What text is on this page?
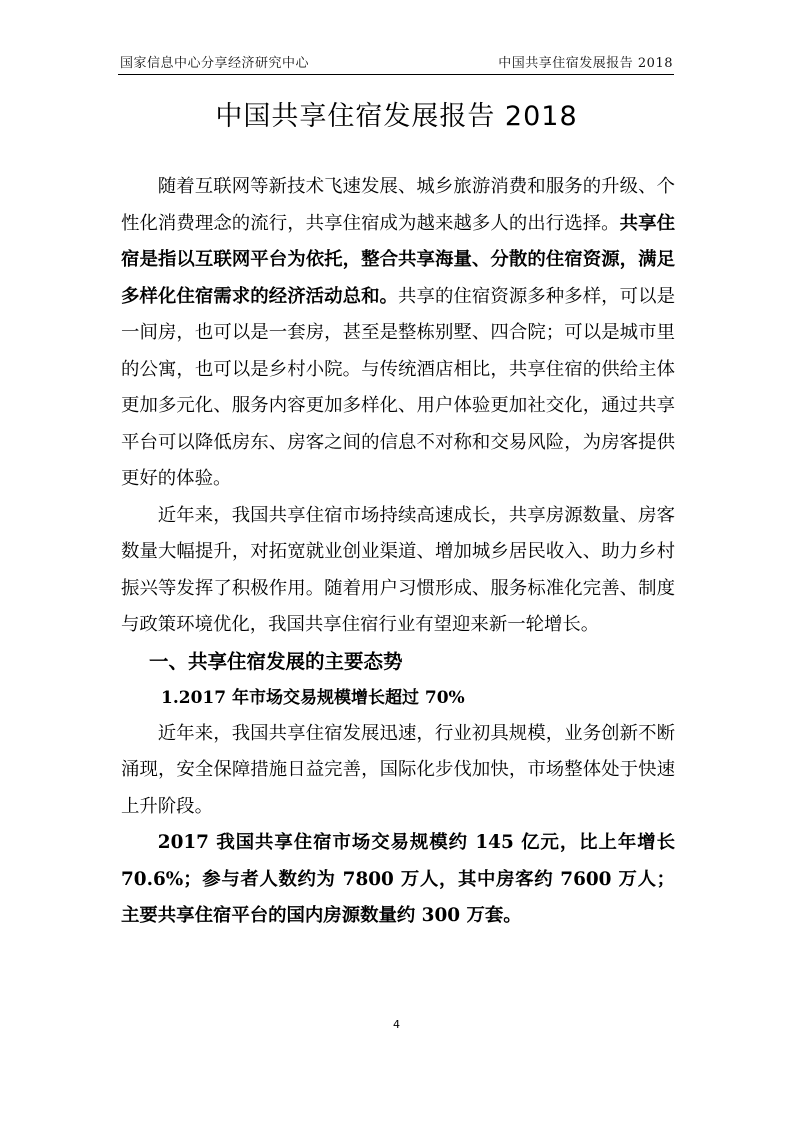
国家信息中心分享经济研究中心	中国共享住宿发展报告 2018
中国共享住宿发展报告 2018

随着互联网等新技术飞速发展、城乡旅游消费和服务的升级、个性化消费理念的流行，共享住宿成为越来越多人的出行选择。共享住宿是指以互联网平台为依托，整合共享海量、分散的住宿资源，满足多样化住宿需求的经济活动总和。共享的住宿资源多种多样，可以是一间房，也可以是一套房，甚至是整栋别墅、四合院；可以是城市里的公寓，也可以是乡村小院。与传统酒店相比，共享住宿的供给主体更加多元化、服务内容更加多样化、用户体验更加社交化，通过共享平台可以降低房东、房客之间的信息不对称和交易风险，为房客提供更好的体验。

近年来，我国共享住宿市场持续高速成长，共享房源数量、房客数量大幅提升，对拓宽就业创业渠道、增加城乡居民收入、助力乡村振兴等发挥了积极作用。随着用户习惯形成、服务标准化完善、制度与政策环境优化，我国共享住宿行业有望迎来新一轮增长。

一、共享住宿发展的主要态势
1.2017 年市场交易规模增长超过 70%

近年来，我国共享住宿发展迅速，行业初具规模，业务创新不断涌现，安全保障措施日益完善，国际化步伐加快，市场整体处于快速上升阶段。

2017 我国共享住宿市场交易规模约 145 亿元，比上年增长 70.6%；参与者人数约为 7800 万人，其中房客约 7600 万人；主要共享住宿平台的国内房源数量约 300 万套。

4
